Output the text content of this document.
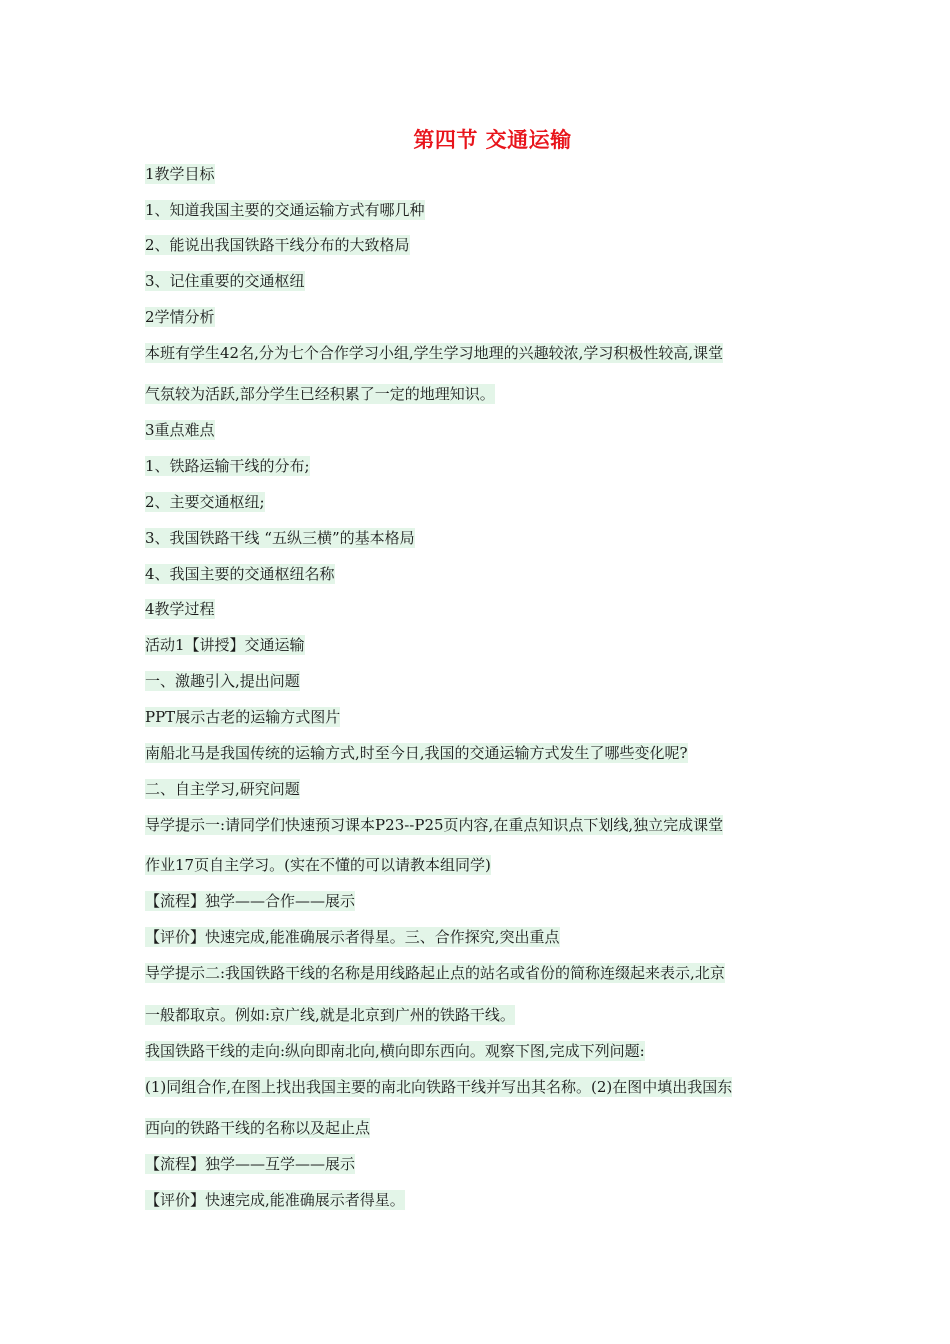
第四节 交通运输
1教学目标
1、知道我国主要的交通运输方式有哪几种
2、能说出我国铁路干线分布的大致格局
3、记住重要的交通枢纽
2学情分析
本班有学生42名,分为七个合作学习小组,学生学习地理的兴趣较浓,学习积极性较高,课堂
气氛较为活跃,部分学生已经积累了一定的地理知识。
3重点难点
1、铁路运输干线的分布;
2、主要交通枢纽;
3、我国铁路干线 “五纵三横”的基本格局
4、我国主要的交通枢纽名称
4教学过程
活动1【讲授】交通运输
一、激趣引入,提出问题
PPT展示古老的运输方式图片
南船北马是我国传统的运输方式,时至今日,我国的交通运输方式发生了哪些变化呢?
二、自主学习,研究问题
导学提示一:请同学们快速预习课本P23--P25页内容,在重点知识点下划线,独立完成课堂
作业17页自主学习。(实在不懂的可以请教本组同学)
【流程】独学——合作——展示
【评价】快速完成,能准确展示者得星。三、合作探究,突出重点
导学提示二:我国铁路干线的名称是用线路起止点的站名或省份的简称连缀起来表示,北京
一般都取京。例如:京广线,就是北京到广州的铁路干线。
我国铁路干线的走向:纵向即南北向,横向即东西向。观察下图,完成下列问题:
(1)同组合作,在图上找出我国主要的南北向铁路干线并写出其名称。(2)在图中填出我国东
西向的铁路干线的名称以及起止点
【流程】独学——互学——展示
【评价】快速完成,能准确展示者得星。
